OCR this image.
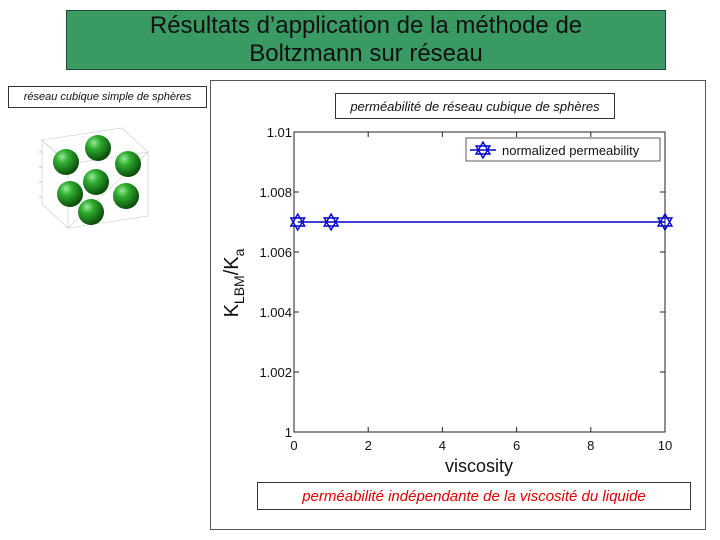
Résultats d’application de la méthode de
Boltzmann sur réseau
réseau cubique simple de sphères
perméabilité de réseau cubique de sphères
0	2	4	6	8	10
1
1.002
1.004
1.006
1.008
1.01
viscosity
$K_{LBM}/K_a$
normalized permeability
perméabilité indépendante de la viscosité du liquide
